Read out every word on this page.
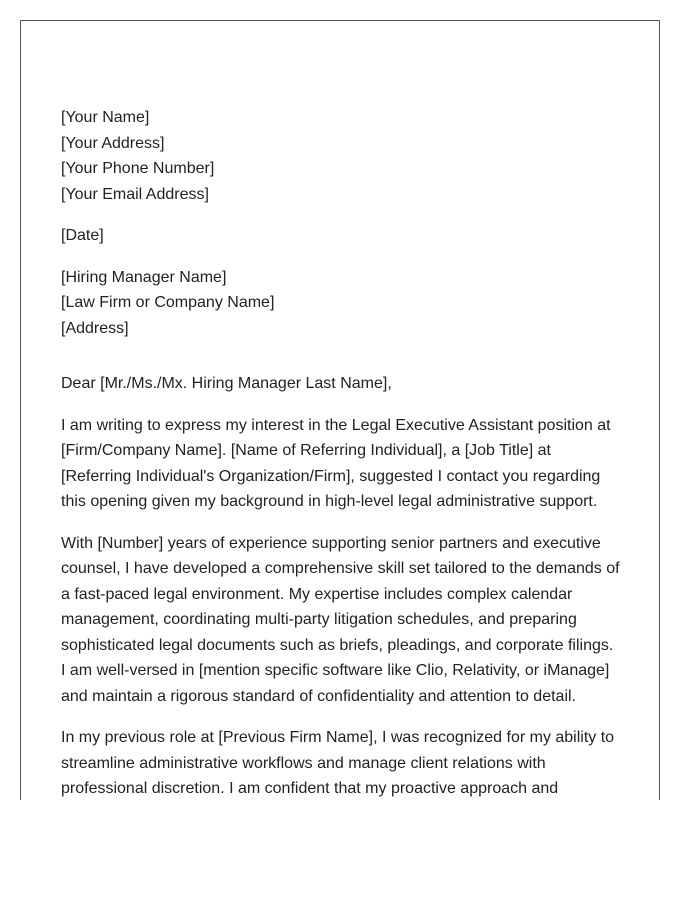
[Your Name]
[Your Address]
[Your Phone Number]
[Your Email Address]
[Date]
[Hiring Manager Name]
[Law Firm or Company Name]
[Address]
Dear [Mr./Ms./Mx. Hiring Manager Last Name],
I am writing to express my interest in the Legal Executive Assistant position at
[Firm/Company Name]. [Name of Referring Individual], a [Job Title] at
[Referring Individual's Organization/Firm], suggested I contact you regarding
this opening given my background in high-level legal administrative support.
With [Number] years of experience supporting senior partners and executive
counsel, I have developed a comprehensive skill set tailored to the demands of
a fast-paced legal environment. My expertise includes complex calendar
management, coordinating multi-party litigation schedules, and preparing
sophisticated legal documents such as briefs, pleadings, and corporate filings.
I am well-versed in [mention specific software like Clio, Relativity, or iManage]
and maintain a rigorous standard of confidentiality and attention to detail.
In my previous role at [Previous Firm Name], I was recognized for my ability to
streamline administrative workflows and manage client relations with
professional discretion. I am confident that my proactive approach and
